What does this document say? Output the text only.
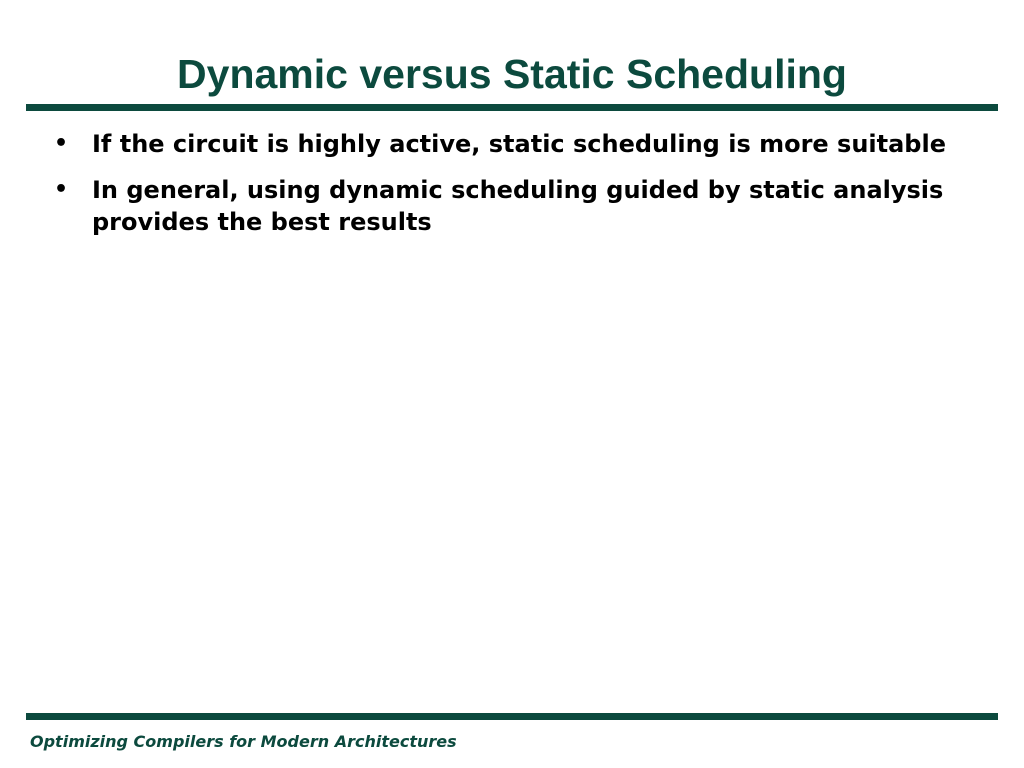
Dynamic versus Static Scheduling
• If the circuit is highly active, static scheduling is more suitable
• In general, using dynamic scheduling guided by static analysis provides the best results
Optimizing Compilers for Modern Architectures
